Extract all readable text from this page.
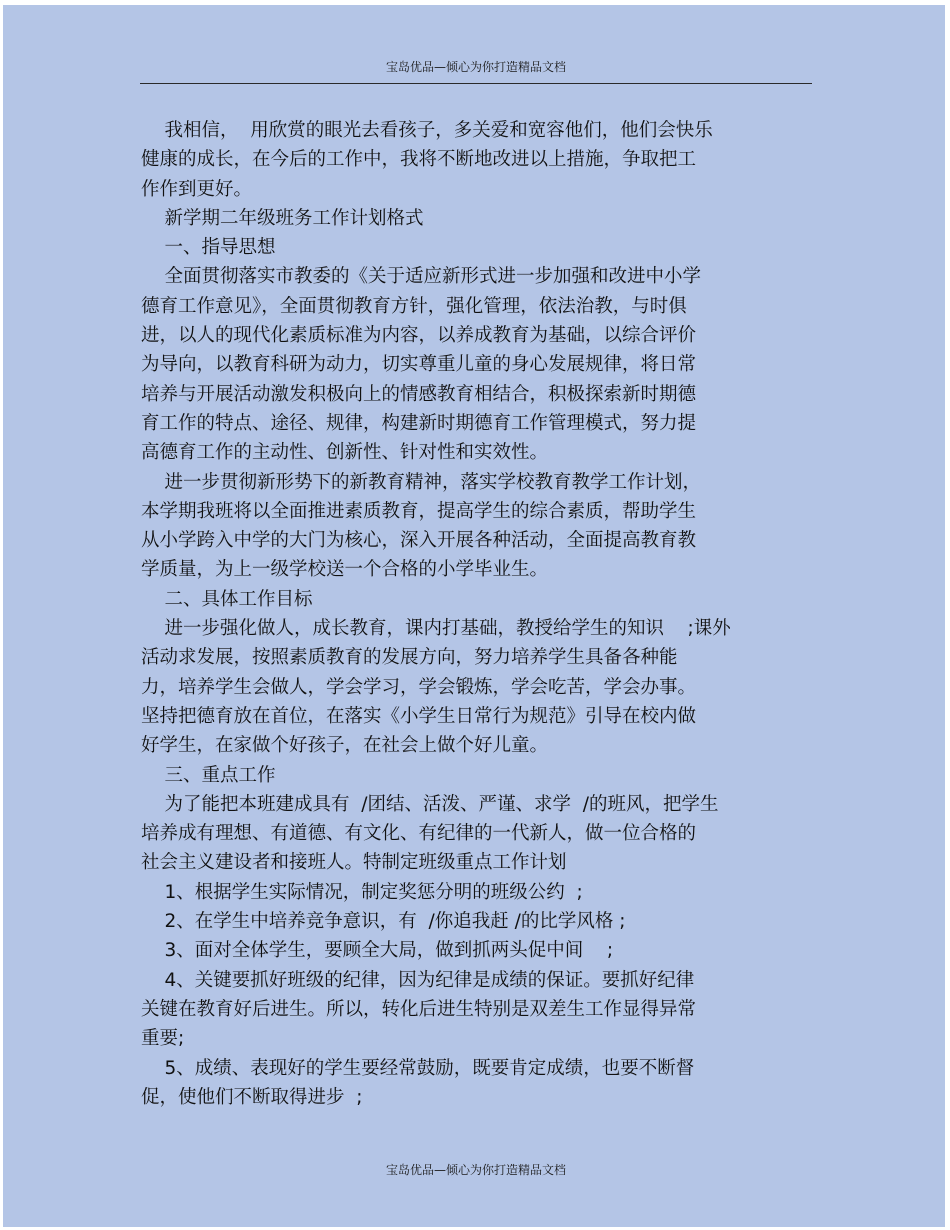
宝岛优品—倾心为你打造精品文档
我相信，  用欣赏的眼光去看孩子，多关爱和宽容他们，他们会快乐
健康的成长，在今后的工作中，我将不断地改进以上措施，争取把工
作作到更好。
新学期二年级班务工作计划格式
一、指导思想
全面贯彻落实市教委的《关于适应新形式进一步加强和改进中小学
德育工作意见》，全面贯彻教育方针，强化管理，依法治教，与时俱
进，以人的现代化素质标准为内容，以养成教育为基础，以综合评价
为导向，以教育科研为动力，切实尊重儿童的身心发展规律，将日常
培养与开展活动激发积极向上的情感教育相结合，积极探索新时期德
育工作的特点、途径、规律，构建新时期德育工作管理模式，努力提
高德育工作的主动性、创新性、针对性和实效性。
进一步贯彻新形势下的新教育精神，落实学校教育教学工作计划，
本学期我班将以全面推进素质教育，提高学生的综合素质，帮助学生
从小学跨入中学的大门为核心，深入开展各种活动，全面提高教育教
学质量，为上一级学校送一个合格的小学毕业生。
二、具体工作目标
进一步强化做人，成长教育，课内打基础，教授给学生的知识    ;课外
活动求发展，按照素质教育的发展方向，努力培养学生具备各种能
力，培养学生会做人，学会学习，学会锻炼，学会吃苦，学会办事。
坚持把德育放在首位，在落实《小学生日常行为规范》引导在校内做
好学生，在家做个好孩子，在社会上做个好儿童。
三、重点工作
为了能把本班建成具有  /团结、活泼、严谨、求学  /的班风，把学生
培养成有理想、有道德、有文化、有纪律的一代新人，做一位合格的
社会主义建设者和接班人。特制定班级重点工作计划
1、根据学生实际情况，制定奖惩分明的班级公约  ;
2、在学生中培养竞争意识，有  /你追我赶 /的比学风格 ;
3、面对全体学生，要顾全大局，做到抓两头促中间    ;
4、关键要抓好班级的纪律，因为纪律是成绩的保证。要抓好纪律
关键在教育好后进生。所以，转化后进生特别是双差生工作显得异常
重要;
5、成绩、表现好的学生要经常鼓励，既要肯定成绩，也要不断督
促，使他们不断取得进步  ;
宝岛优品—倾心为你打造精品文档
